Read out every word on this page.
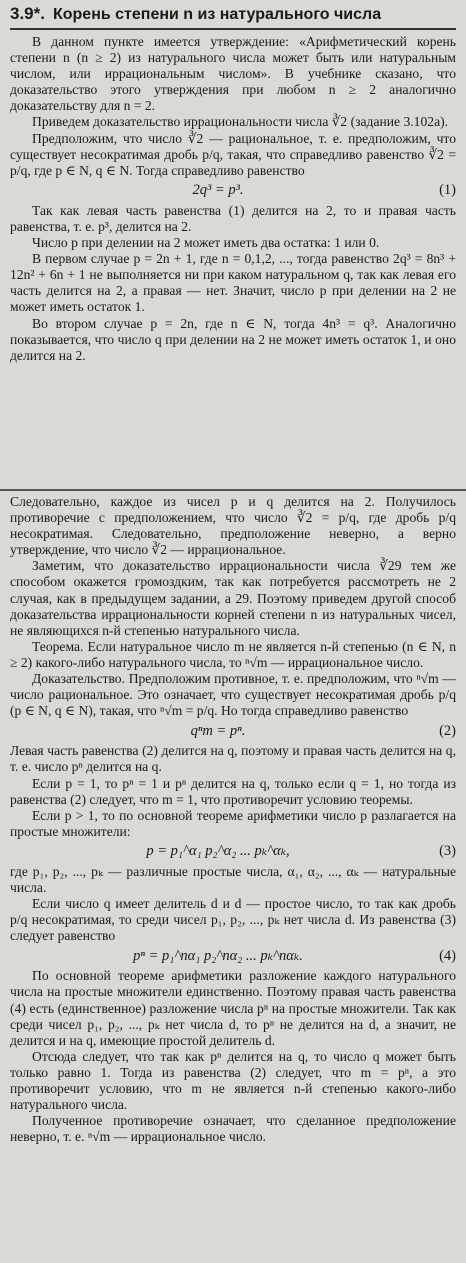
3.9*. Корень степени n из натурального числа

В данном пункте имеется утверждение: «Арифметический корень степени n (n ≥ 2) из натурального числа может быть или натуральным числом, или иррациональным числом». В учебнике сказано, что доказательство этого утверждения при любом n ≥ 2 аналогично доказательству для n = 2.

Приведем доказательство иррациональности числа ∛2 (задание 3.102а).

Предположим, что число ∛2 — рациональное, т. е. предположим, что существует несократимая дробь p/q, такая, что справедливо равенство ∛2 = p/q, где p ∈ N, q ∈ N. Тогда справедливо равенство

2q³ = p³.	(1)

Так как левая часть равенства (1) делится на 2, то и правая часть равенства, т. е. p³, делится на 2.

Число p при делении на 2 может иметь два остатка: 1 или 0.

В первом случае p = 2n + 1, где n = 0,1,2, ..., тогда равенство 2q³ = 8n³ + 12n² + 6n + 1 не выполняется ни при каком натуральном q, так как левая его часть делится на 2, а правая — нет. Значит, число p при делении на 2 не может иметь остаток 1.

Во втором случае p = 2n, где n ∈ N, тогда 4n³ = q³. Аналогично показывается, что число q при делении на 2 не может иметь остаток 1, и оно делится на 2.

Следовательно, каждое из чисел p и q делится на 2. Получилось противоречие с предположением, что число ∛2 = p/q, где дробь p/q несократимая. Следовательно, предположение неверно, а верно утверждение, что число ∛2 — иррациональное.

Заметим, что доказательство иррациональности числа ∛29 тем же способом окажется громоздким, так как потребуется рассмотреть не 2 случая, как в предыдущем задании, а 29. Поэтому приведем другой способ доказательства иррациональности корней степени n из натуральных чисел, не являющихся n-й степенью натурального числа.

Теорема. Если натуральное число m не является n-й степенью (n ∈ N, n ≥ 2) какого-либо натурального числа, то ⁿ√m — иррациональное число.

Доказательство. Предположим противное, т. е. предположим, что ⁿ√m — число рациональное. Это означает, что существует несократимая дробь p/q (p ∈ N, q ∈ N), такая, что ⁿ√m = p/q. Но тогда справедливо равенство

qⁿm = pⁿ.	(2)

Левая часть равенства (2) делится на q, поэтому и правая часть делится на q, т. е. число pⁿ делится на q.

Если p = 1, то pⁿ = 1 и pⁿ делится на q, только если q = 1, но тогда из равенства (2) следует, что m = 1, что противоречит условию теоремы.

Если p > 1, то по основной теореме арифметики число p разлагается на простые множители:

p = p₁^α₁ p₂^α₂ ... pₖ^αₖ,	(3)

где p₁, p₂, ..., pₖ — различные простые числа, α₁, α₂, ..., αₖ — натуральные числа.

Если число q имеет делитель d и d — простое число, то так как дробь p/q несократимая, то среди чисел p₁, p₂, ..., pₖ нет числа d. Из равенства (3) следует равенство

pⁿ = p₁^nα₁ p₂^nα₂ ... pₖ^nαₖ.	(4)

По основной теореме арифметики разложение каждого натурального числа на простые множители единственно. Поэтому правая часть равенства (4) есть (единственное) разложение числа pⁿ на простые множители. Так как среди чисел p₁, p₂, ..., pₖ нет числа d, то pⁿ не делится на d, а значит, не делится и на q, имеющие простой делитель d.

Отсюда следует, что так как pⁿ делится на q, то число q может быть только равно 1. Тогда из равенства (2) следует, что m = pⁿ, а это противоречит условию, что m не является n-й степенью какого-либо натурального числа.

Полученное противоречие означает, что сделанное предположение неверно, т. е. ⁿ√m — иррациональное число.
